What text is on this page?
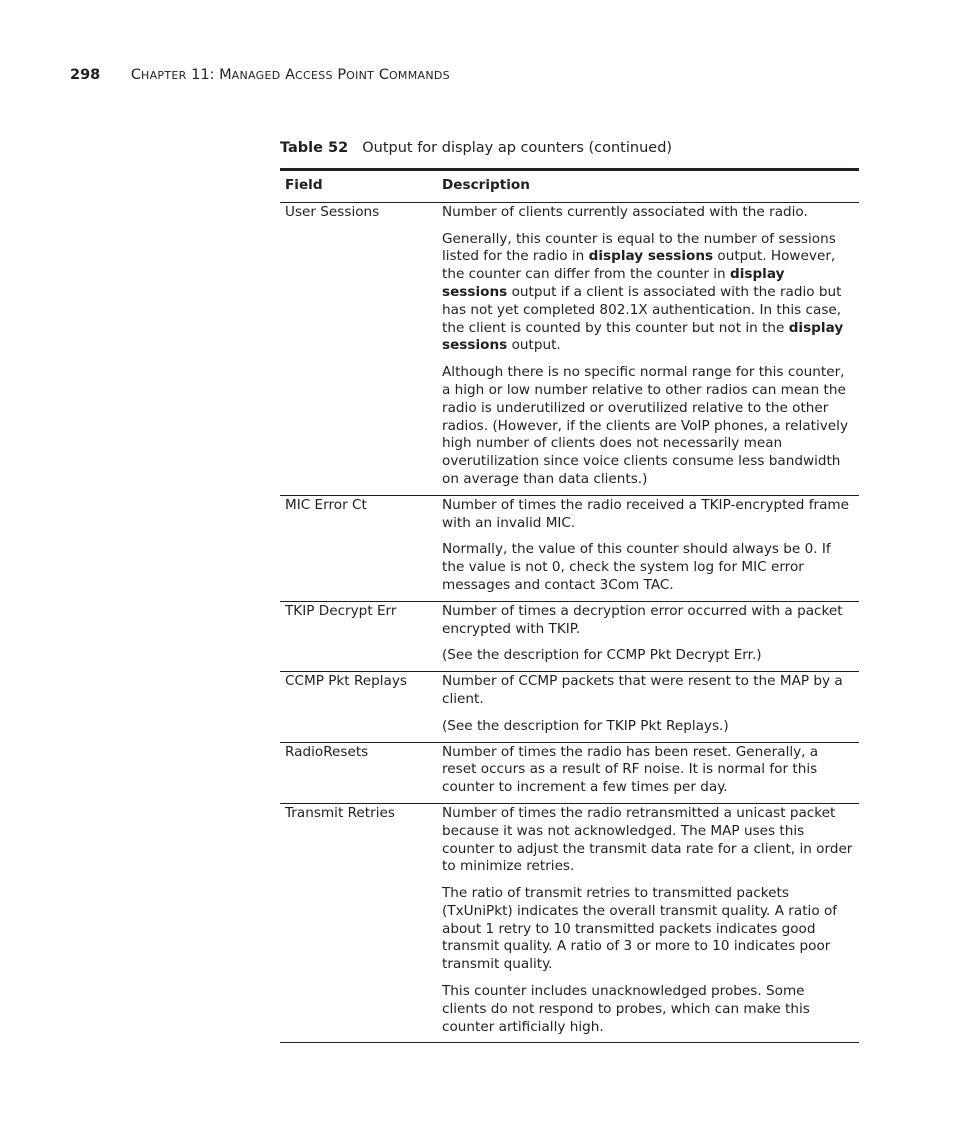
298 CHAPTER 11: MANAGED ACCESS POINT COMMANDS
Table 52 Output for display ap counters (continued)
Field	Description
User Sessions	Number of clients currently associated with the radio.

Generally, this counter is equal to the number of sessions listed for the radio in display sessions output. However, the counter can differ from the counter in display sessions output if a client is associated with the radio but has not yet completed 802.1X authentication. In this case, the client is counted by this counter but not in the display sessions output.

Although there is no specific normal range for this counter, a high or low number relative to other radios can mean the radio is underutilized or overutilized relative to the other radios. (However, if the clients are VoIP phones, a relatively high number of clients does not necessarily mean overutilization since voice clients consume less bandwidth on average than data clients.)

MIC Error Ct	Number of times the radio received a TKIP-encrypted frame with an invalid MIC.

Normally, the value of this counter should always be 0. If the value is not 0, check the system log for MIC error messages and contact 3Com TAC.

TKIP Decrypt Err	Number of times a decryption error occurred with a packet encrypted with TKIP.

(See the description for CCMP Pkt Decrypt Err.)

CCMP Pkt Replays	Number of CCMP packets that were resent to the MAP by a client.

(See the description for TKIP Pkt Replays.)

RadioResets	Number of times the radio has been reset. Generally, a reset occurs as a result of RF noise. It is normal for this counter to increment a few times per day.

Transmit Retries	Number of times the radio retransmitted a unicast packet because it was not acknowledged. The MAP uses this counter to adjust the transmit data rate for a client, in order to minimize retries.

The ratio of transmit retries to transmitted packets (TxUniPkt) indicates the overall transmit quality. A ratio of about 1 retry to 10 transmitted packets indicates good transmit quality. A ratio of 3 or more to 10 indicates poor transmit quality.

This counter includes unacknowledged probes. Some clients do not respond to probes, which can make this counter artificially high.
